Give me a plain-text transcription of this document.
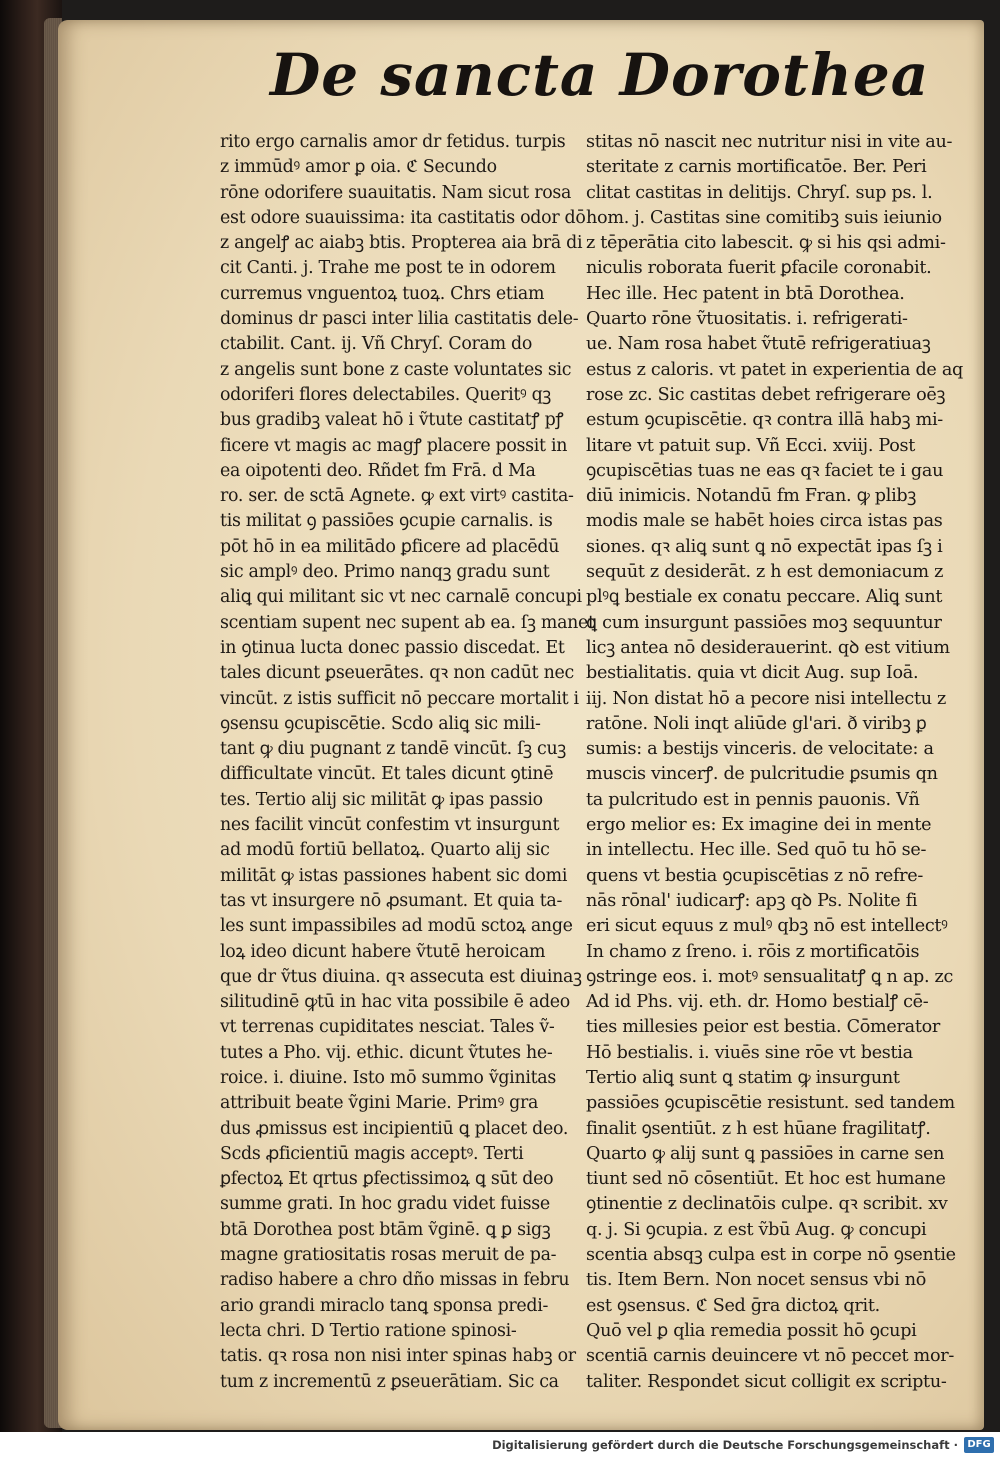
De sancta Dorothea
rito ergo carnalis amor dr fetidus. turpis
z immūdꝰ amor ꝑ oia. ℭ Secundo
rōne odorifere suauitatis. Nam sicut rosa
est odore suauissima: ita castitatis odor dō
z angelꝭ ac aiabꝫ btis. Propterea aia brā di
cit Canti. j. Trahe me post te in odorem
curremus vnguentoꝝ tuoꝝ. Chrs etiam
dominus dr pasci inter lilia castitatis dele-
ctabilit. Cant. ij. Vñ Chryſ. Coram do
z angelis sunt bone z caste voluntates sic
odoriferi flores delectabiles. Queritꝰ qꝫ
bus gradibꝫ valeat hō i ṽtute castitatꝭ pꝭ
ficere vt magis ac magꝭ placere possit in
ea oipotenti deo. Rñdet fm Frā. d Ma
ro. ser. de sctā Agnete. ꝙ ext virtꝰ castita-
tis militat ꝯ passiōes ꝯcupie carnalis. is
pōt hō in ea militādo ꝑficere ad placēdū
sic amplꝰ deo. Primo nanqꝫ gradu sunt
aliꝗ qui militant sic vt nec carnalē concupi
scentiam supent nec supent ab ea. ſꝫ manet
in ꝯtinua lucta donec passio discedat. Et
tales dicunt ꝑseuerātes. qꝛ non cadūt nec
vincūt. z istis sufficit nō peccare mortalit i
ꝯsensu ꝯcupiscētie. Scdo aliꝗ sic mili-
tant ꝙ diu pugnant z tandē vincūt. ſꝫ cuꝫ
difficultate vincūt. Et tales dicunt ꝯtinē
tes. Tertio alij sic militāt ꝙ ipas passio
nes facilit vincūt confestim vt insurgunt
ad modū fortiū bellatoꝝ. Quarto alij sic
militāt ꝙ istas passiones habent sic domi
tas vt insurgere nō ꝓsumant. Et quia ta-
les sunt impassibiles ad modū sctoꝝ ange
loꝝ ideo dicunt habere ṽtutē heroicam
que dr ṽtus diuina. qꝛ assecuta est diuinaꝫ
silitudinē ꝙtū in hac vita possibile ē adeo
vt terrenas cupiditates nesciat. Tales ṽ-
tutes a Pho. vij. ethic. dicunt ṽtutes he-
roice. i. diuine. Isto mō summo ṽginitas
attribuit beate ṽgini Marie. Primꝰ gra
dus ꝓmissus est incipientiū ꝗ placet deo.
Scds ꝓficientiū magis acceptꝰ. Terti
ꝑfectoꝝ Et qrtus ꝑfectissimoꝝ ꝗ sūt deo
summe grati. In hoc gradu videt fuisse
btā Dorothea post btām ṽginē. ꝗ ꝑ sigꝫ
magne gratiositatis rosas meruit de pa-
radiso habere a chro dño missas in febru
ario grandi miraclo tanꝗ sponsa predi-
lecta chri. D Tertio ratione spinosi-
tatis. qꝛ rosa non nisi inter spinas habꝫ or
tum z incrementū z ꝑseuerātiam. Sic ca
stitas nō nascit nec nutritur nisi in vite au-
steritate z carnis mortificatōe. Ber. Peri
clitat castitas in delitijs. Chryſ. sup ps. l.
hom. j. Castitas sine comitibꝫ suis ieiunio
z tēperātia cito labescit. ꝙ si his qsi admi-
niculis roborata fuerit ꝑfacile coronabit.
Hec ille. Hec patent in btā Dorothea.
Quarto rōne ṽtuositatis. i. refrigerati-
ue. Nam rosa habet ṽtutē refrigeratiuaꝫ
estus z caloris. vt patet in experientia de aq
rose zc. Sic castitas debet refrigerare oēꝫ
estum ꝯcupiscētie. qꝛ contra illā habꝫ mi-
litare vt patuit sup. Vñ Ecci. xviij. Post
ꝯcupiscētias tuas ne eas qꝛ faciet te i gau
diū inimicis. Notandū fm Fran. ꝙ plibꝫ
modis male se habēt hoies circa istas pas
siones. qꝛ aliꝗ sunt ꝗ nō expectāt ipas ſꝫ i
sequūt z desiderāt. z h est demoniacum z
plꝰꝗ bestiale ex conatu peccare. Aliꝗ sunt
ꝗ cum insurgunt passiōes moꝫ sequuntur
licꝫ antea nō desiderauerint. qꝺ est vitium
bestialitatis. quia vt dicit Aug. sup Ioā.
iij. Non distat hō a pecore nisi intellectu z
ratōne. Noli inqt aliūde gl'ari. ð viribꝫ ꝑ
sumis: a bestijs vinceris. de velocitate: a
muscis vincerꝭ. de pulcritudie ꝑsumis qn
ta pulcritudo est in pennis pauonis. Vñ
ergo melior es: Ex imagine dei in mente
in intellectu. Hec ille. Sed quō tu hō se-
quens vt bestia ꝯcupiscētias z nō refre-
nās rōnal' iudicarꝭ: apꝫ qꝺ Ps. Nolite fi
eri sicut equus z mulꝰ qbꝫ nō est intellectꝰ
In chamo z ſreno. i. rōis z mortificatōis
ꝯstringe eos. i. motꝰ sensualitatꝭ ꝗ n ap. zc
Ad id Phs. vij. eth. dr. Homo bestialꝭ cē-
ties millesies peior est bestia. Cōmerator
Hō bestialis. i. viuēs sine rōe vt bestia
Tertio aliꝗ sunt ꝗ statim ꝙ insurgunt
passiōes ꝯcupiscētie resistunt. sed tandem
finalit ꝯsentiūt. z h est hūane fragilitatꝭ.
Quarto ꝙ alij sunt ꝗ passiōes in carne sen
tiunt sed nō cōsentiūt. Et hoc est humane
ꝯtinentie z declinatōis culpe. qꝛ scribit. xv
q. j. Si ꝯcupia. z est ṽbū Aug. ꝙ concupi
scentia absqꝫ culpa est in corpe nō ꝯsentie
tis. Item Bern. Non nocet sensus vbi nō
est ꝯsensus. ℭ Sed ḡra dictoꝝ qrit.
Quō vel ꝑ qlia remedia possit hō ꝯcupi
scentiā carnis deuincere vt nō peccet mor-
taliter. Respondet sicut colligit ex scriptu-
Digitalisierung gefördert durch die Deutsche Forschungsgemeinschaft · DFG
